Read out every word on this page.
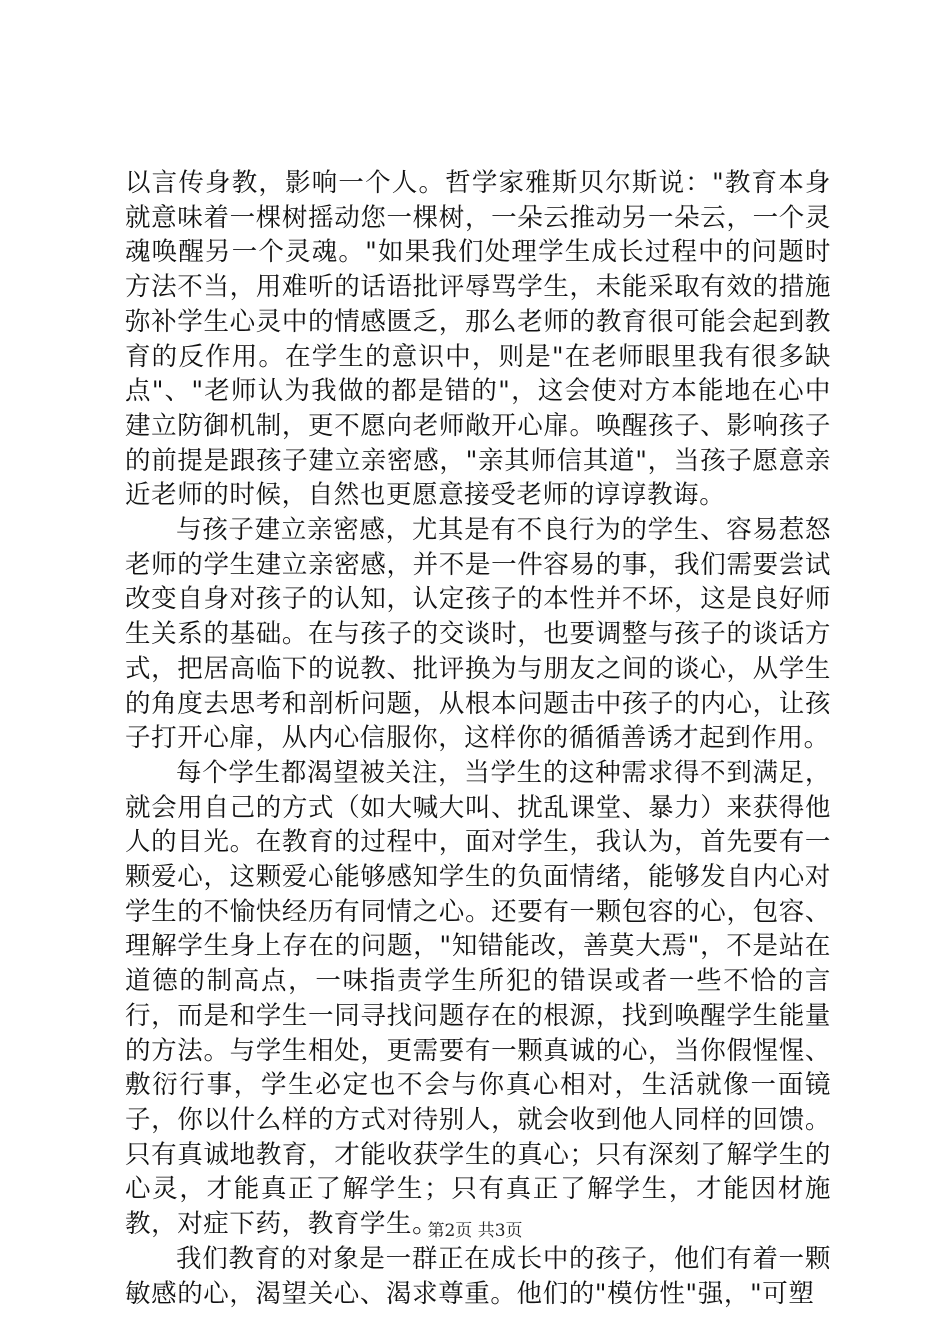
以言传身教，影响一个人。哲学家雅斯贝尔斯说："教育本身就意味着一棵树摇动您一棵树，一朵云推动另一朵云，一个灵魂唤醒另一个灵魂。"如果我们处理学生成长过程中的问题时方法不当，用难听的话语批评辱骂学生，未能采取有效的措施弥补学生心灵中的情感匮乏，那么老师的教育很可能会起到教育的反作用。在学生的意识中，则是"在老师眼里我有很多缺点"、"老师认为我做的都是错的"，这会使对方本能地在心中建立防御机制，更不愿向老师敞开心扉。唤醒孩子、影响孩子的前提是跟孩子建立亲密感，"亲其师信其道"，当孩子愿意亲近老师的时候，自然也更愿意接受老师的谆谆教诲。

与孩子建立亲密感，尤其是有不良行为的学生、容易惹怒老师的学生建立亲密感，并不是一件容易的事，我们需要尝试改变自身对孩子的认知，认定孩子的本性并不坏，这是良好师生关系的基础。在与孩子的交谈时，也要调整与孩子的谈话方式，把居高临下的说教、批评换为与朋友之间的谈心，从学生的角度去思考和剖析问题，从根本问题击中孩子的内心，让孩子打开心扉，从内心信服你，这样你的循循善诱才起到作用。

每个学生都渴望被关注，当学生的这种需求得不到满足，就会用自己的方式（如大喊大叫、扰乱课堂、暴力）来获得他人的目光。在教育的过程中，面对学生，我认为，首先要有一颗爱心，这颗爱心能够感知学生的负面情绪，能够发自内心对学生的不愉快经历有同情之心。还要有一颗包容的心，包容、理解学生身上存在的问题，"知错能改，善莫大焉"，不是站在道德的制高点，一味指责学生所犯的错误或者一些不恰的言行，而是和学生一同寻找问题存在的根源，找到唤醒学生能量的方法。与学生相处，更需要有一颗真诚的心，当你假惺惺、敷衍行事，学生必定也不会与你真心相对，生活就像一面镜子，你以什么样的方式对待别人，就会收到他人同样的回馈。只有真诚地教育，才能收获学生的真心；只有深刻了解学生的心灵，才能真正了解学生；只有真正了解学生，才能因材施教，对症下药，教育学生。

我们教育的对象是一群正在成长中的孩子，他们有着一颗敏感的心，渴望关心、渴求尊重。他们的"模仿性"强，"可塑

第2页 共3页
